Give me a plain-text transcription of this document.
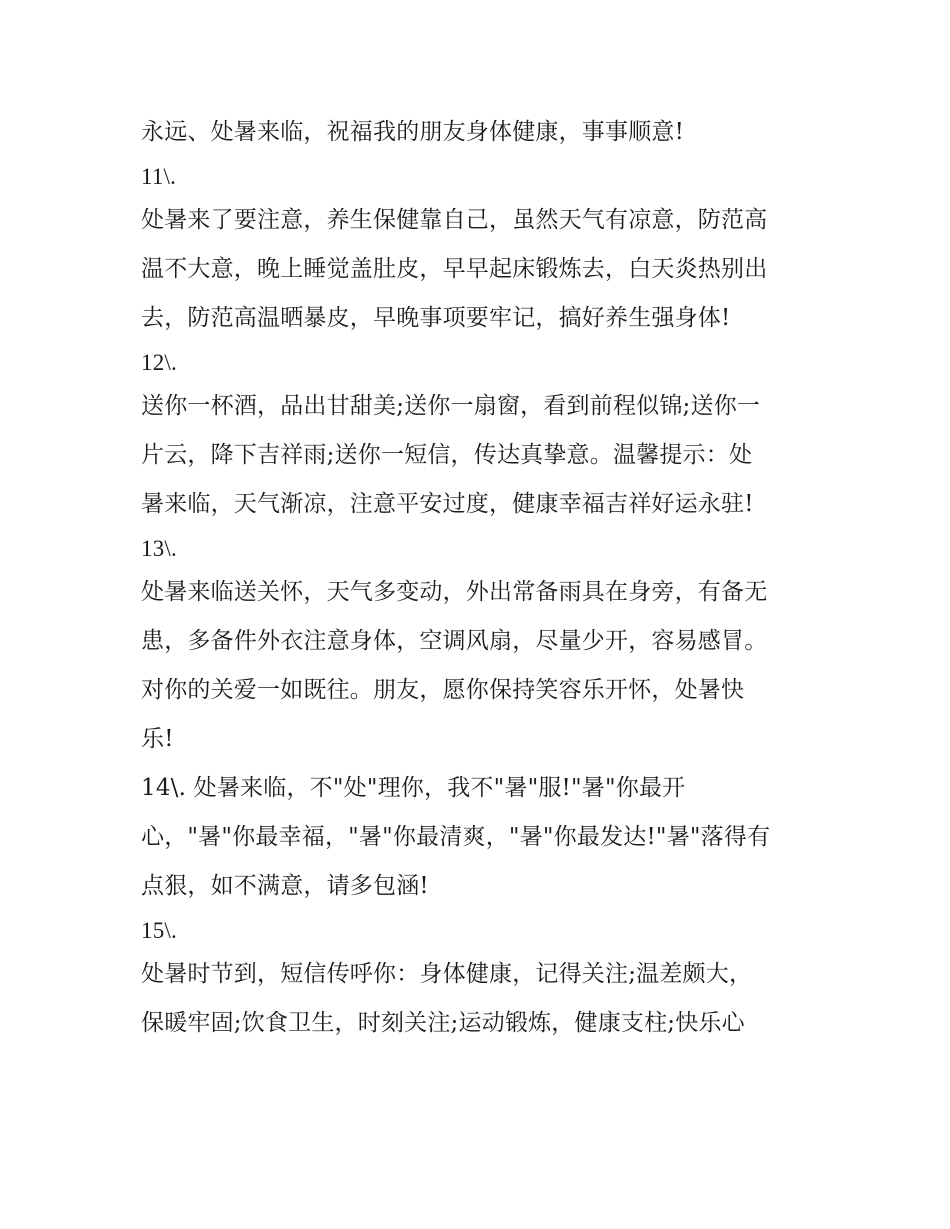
永远、处暑来临，祝福我的朋友身体健康，事事顺意!
11\.
处暑来了要注意，养生保健靠自己，虽然天气有凉意，防范高
温不大意，晚上睡觉盖肚皮，早早起床锻炼去，白天炎热别出
去，防范高温晒暴皮，早晚事项要牢记，搞好养生强身体!
12\.
送你一杯酒，品出甘甜美;送你一扇窗，看到前程似锦;送你一
片云，降下吉祥雨;送你一短信，传达真挚意。温馨提示：处
暑来临，天气渐凉，注意平安过度，健康幸福吉祥好运永驻!
13\.
处暑来临送关怀，天气多变动，外出常备雨具在身旁，有备无
患，多备件外衣注意身体，空调风扇，尽量少开，容易感冒。
对你的关爱一如既往。朋友，愿你保持笑容乐开怀，处暑快
乐!
14\. 处暑来临，不"处"理你，我不"暑"服!"暑"你最开
心，"暑"你最幸福，"暑"你最清爽，"暑"你最发达!"暑"落得有
点狠，如不满意，请多包涵!
15\.
处暑时节到，短信传呼你：身体健康，记得关注;温差颇大，
保暖牢固;饮食卫生，时刻关注;运动锻炼，健康支柱;快乐心
